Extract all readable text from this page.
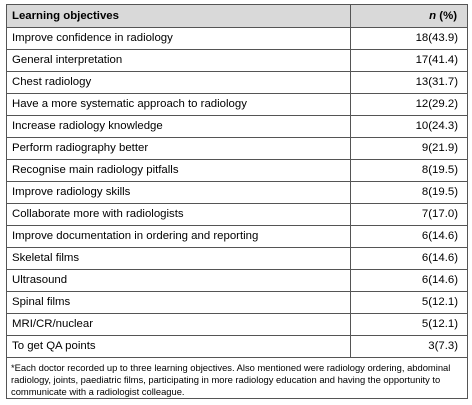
Learning objectives	n (%)
Improve confidence in radiology	18(43.9)
General interpretation	17(41.4)
Chest radiology	13(31.7)
Have a more systematic approach to radiology	12(29.2)
Increase radiology knowledge	10(24.3)
Perform radiography better	9(21.9)
Recognise main radiology pitfalls	8(19.5)
Improve radiology skills	8(19.5)
Collaborate more with radiologists	7(17.0)
Improve documentation in ordering and reporting	6(14.6)
Skeletal films	6(14.6)
Ultrasound	6(14.6)
Spinal films	5(12.1)
MRI/CR/nuclear	5(12.1)
To get QA points	3(7.3)
*Each doctor recorded up to three learning objectives. Also mentioned were radiology ordering, abdominal radiology, joints, paediatric films, participating in more radiology education and having the opportunity to communicate with a radiologist colleague.	
